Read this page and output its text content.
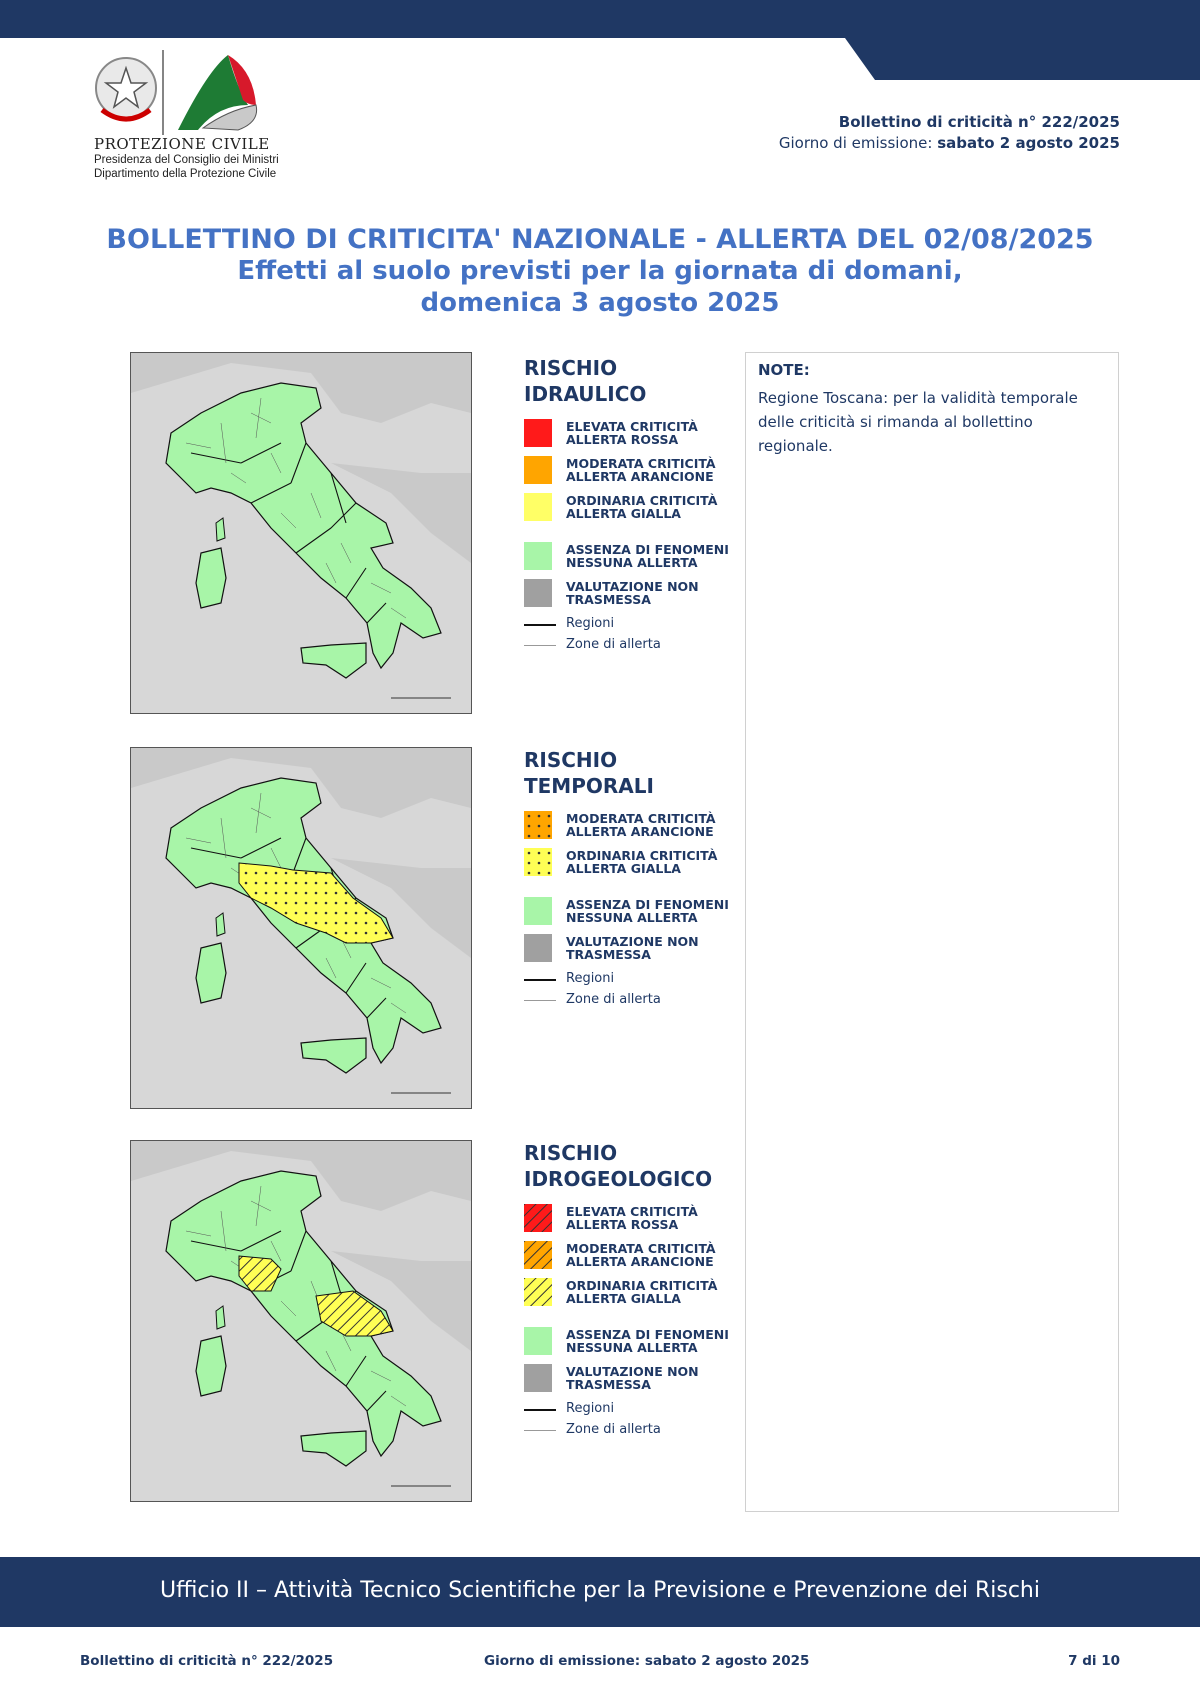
PROTEZIONE CIVILE
Presidenza del Consiglio dei Ministri
Dipartimento della Protezione Civile
Bollettino di criticità n° 222/2025
Giorno di emissione: sabato 2 agosto 2025
BOLLETTINO DI CRITICITA' NAZIONALE - ALLERTA DEL 02/08/2025
Effetti al suolo previsti per la giornata di domani,
domenica 3 agosto 2025
RISCHIO
IDRAULICO
ELEVATA CRITICITÀ
ALLERTA ROSSA
MODERATA CRITICITÀ
ALLERTA ARANCIONE
ORDINARIA CRITICITÀ
ALLERTA GIALLA
ASSENZA DI FENOMENI
NESSUNA ALLERTA
VALUTAZIONE NON
TRASMESSA
Regioni
Zone di allerta
RISCHIO
TEMPORALI
MODERATA CRITICITÀ
ALLERTA ARANCIONE
ORDINARIA CRITICITÀ
ALLERTA GIALLA
ASSENZA DI FENOMENI
NESSUNA ALLERTA
VALUTAZIONE NON
TRASMESSA
Regioni
Zone di allerta
RISCHIO
IDROGEOLOGICO
ELEVATA CRITICITÀ
ALLERTA ROSSA
MODERATA CRITICITÀ
ALLERTA ARANCIONE
ORDINARIA CRITICITÀ
ALLERTA GIALLA
ASSENZA DI FENOMENI
NESSUNA ALLERTA
VALUTAZIONE NON
TRASMESSA
Regioni
Zone di allerta
NOTE:
Regione Toscana: per la validità temporale delle criticità si rimanda al bollettino regionale.
Ufficio II – Attività Tecnico Scientifiche per la Previsione e Prevenzione dei Rischi
Bollettino di criticità n° 222/2025	Giorno di emissione: sabato 2 agosto 2025	7 di 10
